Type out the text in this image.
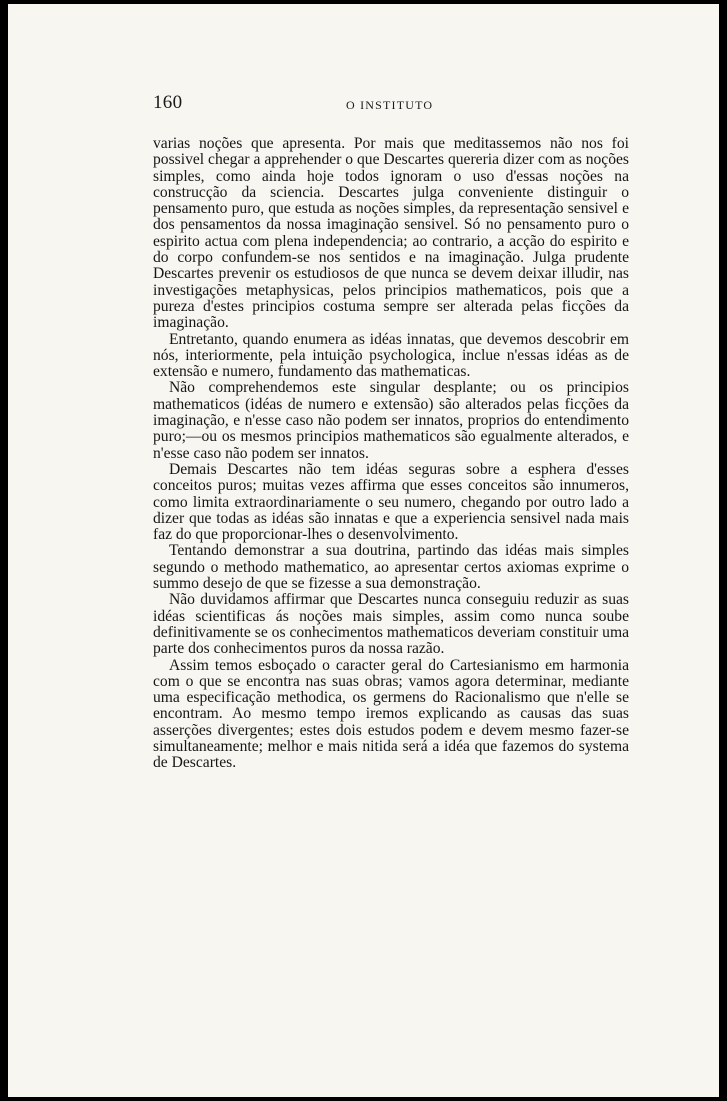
160	O INSTITUTO

varias noções que apresenta. Por mais que meditassemos não nos foi possivel chegar a apprehender o que Descartes quereria dizer com as noções simples, como ainda hoje todos ignoram o uso d'essas noções na construcção da sciencia. Descartes julga conveniente distinguir o pensamento puro, que estuda as noções simples, da representação sensivel e dos pensamentos da nossa imaginação sensivel. Só no pensamento puro o espirito actua com plena independencia; ao contrario, a acção do espirito e do corpo confundem-se nos sentidos e na imaginação. Julga prudente Descartes prevenir os estudiosos de que nunca se devem deixar illudir, nas investigações metaphysicas, pelos principios mathematicos, pois que a pureza d'estes principios costuma sempre ser alterada pelas ficções da imaginação.

Entretanto, quando enumera as idéas innatas, que devemos descobrir em nós, interiormente, pela intuição psychologica, inclue n'essas idéas as de extensão e numero, fundamento das mathematicas.

Não comprehendemos este singular desplante; ou os principios mathematicos (idéas de numero e extensão) são alterados pelas ficções da imaginação, e n'esse caso não podem ser innatos, proprios do entendimento puro;—ou os mesmos principios mathematicos são egualmente alterados, e n'esse caso não podem ser innatos.

Demais Descartes não tem idéas seguras sobre a esphera d'esses conceitos puros; muitas vezes affirma que esses conceitos são innumeros, como limita extraordinariamente o seu numero, chegando por outro lado a dizer que todas as idéas são innatas e que a experiencia sensivel nada mais faz do que proporcionar-lhes o desenvolvimento.

Tentando demonstrar a sua doutrina, partindo das idéas mais simples segundo o methodo mathematico, ao apresentar certos axiomas exprime o summo desejo de que se fizesse a sua demonstração.

Não duvidamos affirmar que Descartes nunca conseguiu reduzir as suas idéas scientificas ás noções mais simples, assim como nunca soube definitivamente se os conhecimentos mathematicos deveriam constituir uma parte dos conhecimentos puros da nossa razão.

Assim temos esboçado o caracter geral do Cartesianismo em harmonia com o que se encontra nas suas obras; vamos agora determinar, mediante uma especificação methodica, os germens do Racionalismo que n'elle se encontram. Ao mesmo tempo iremos explicando as causas das suas asserções divergentes; estes dois estudos podem e devem mesmo fazer-se simultaneamente; melhor e mais nitida será a idéa que fazemos do systema de Descartes.
